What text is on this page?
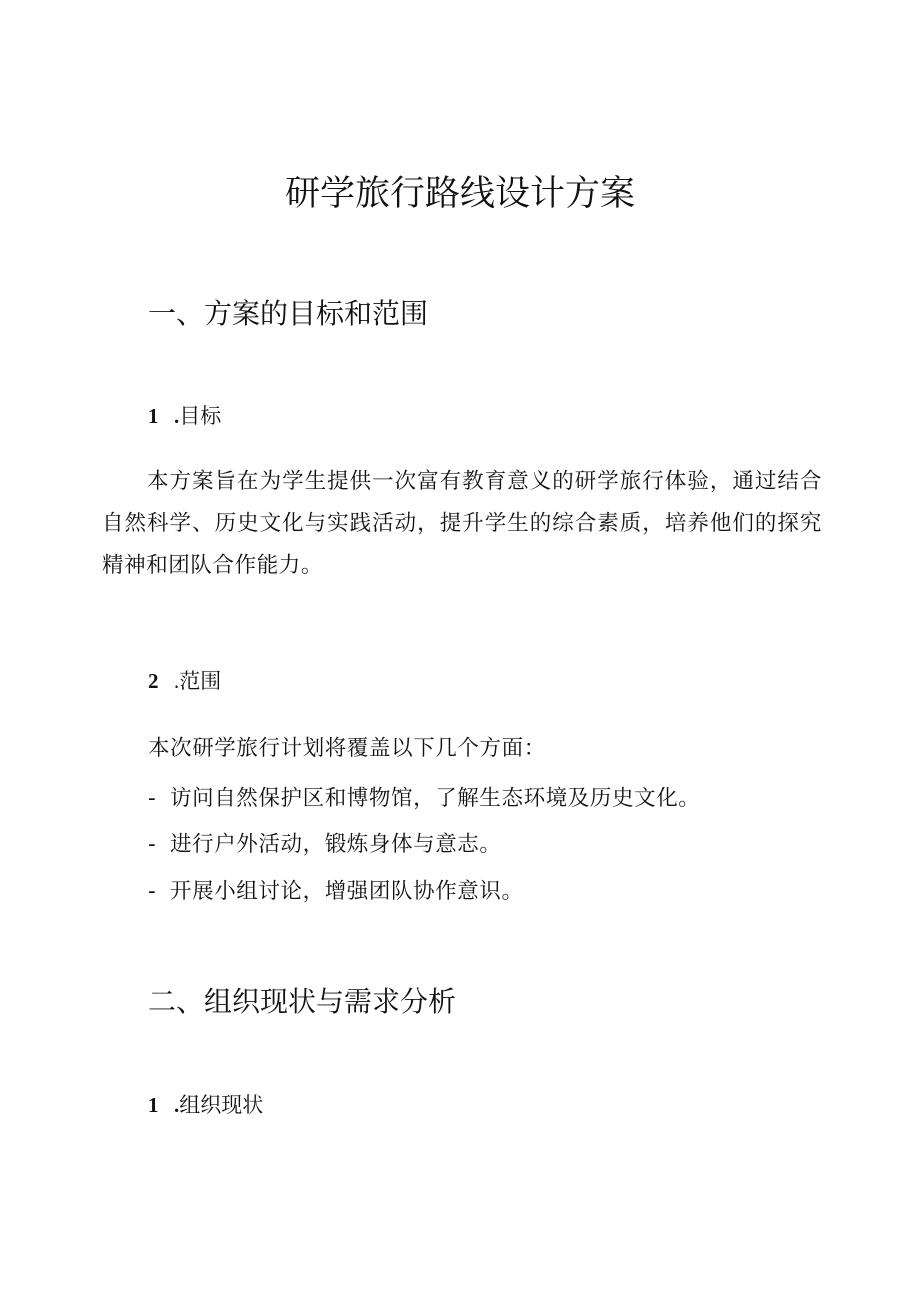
研学旅行路线设计方案
一、方案的目标和范围
1 .目标

本方案旨在为学生提供一次富有教育意义的研学旅行体验，通过结合自然科学、历史文化与实践活动，提升学生的综合素质，培养他们的探究精神和团队合作能力。

2 .范围

本次研学旅行计划将覆盖以下几个方面：

- 访问自然保护区和博物馆，了解生态环境及历史文化。
- 进行户外活动，锻炼身体与意志。
- 开展小组讨论，增强团队协作意识。
二、组织现状与需求分析
1 .组织现状
